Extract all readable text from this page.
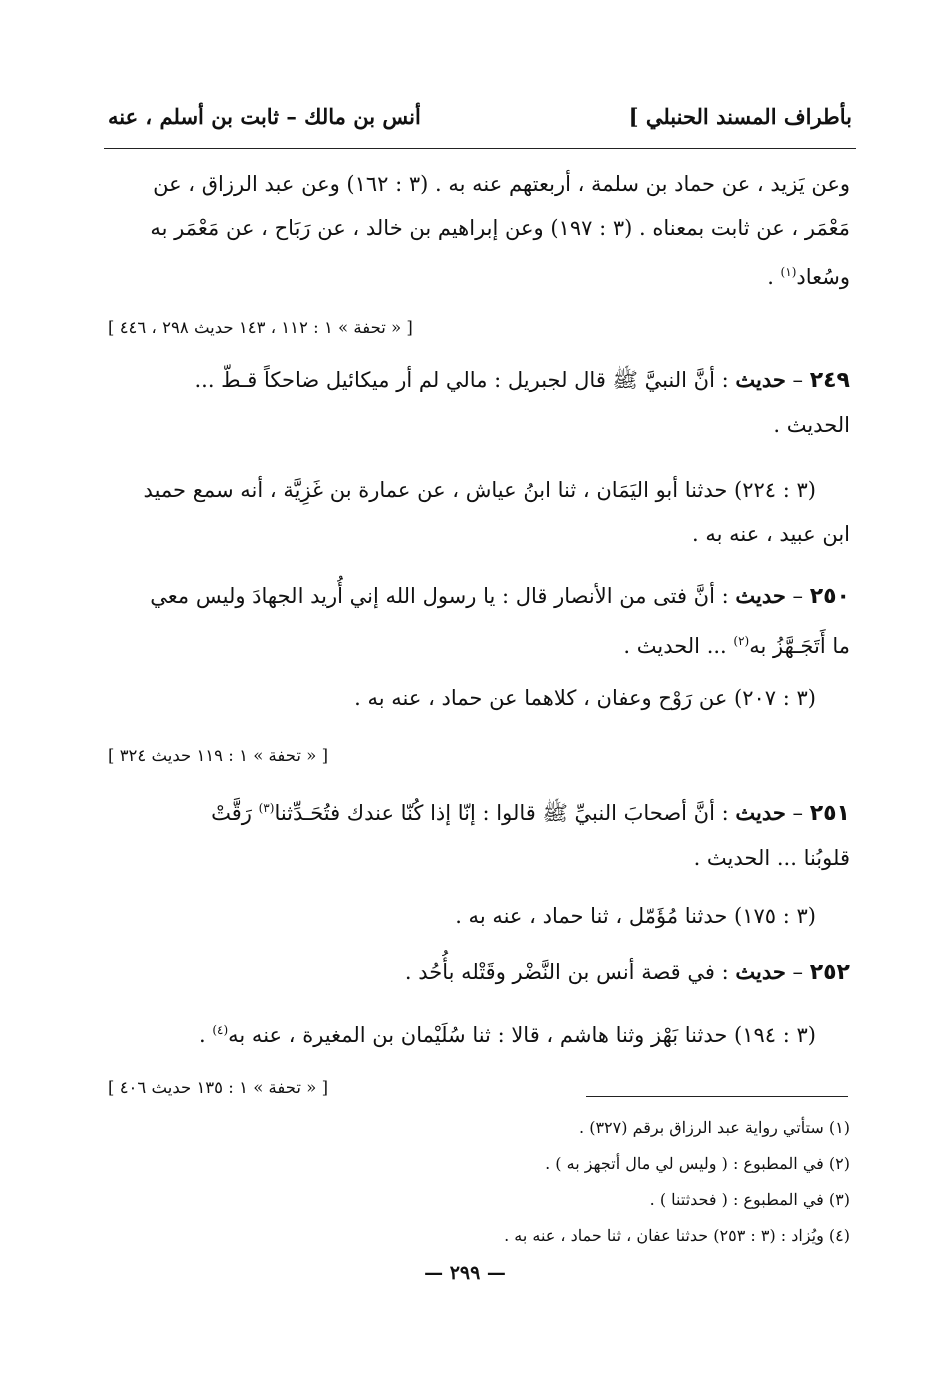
بأطراف المسند الحنبلي ]
أنس بن مالك – ثابت بن أسلم ، عنه
وعن يَزيد ، عن حماد بن سلمة ، أربعتهم عنه به . (٣ : ١٦٢) وعن عبد الرزاق ، عن
مَعْمَر ، عن ثابت بمعناه . (٣ : ١٩٧) وعن إبراهيم بن خالد ، عن رَبَاح ، عن مَعْمَر به
وسُعاد$^{(١)}$ .
[ « تحفة » ١ : ١١٢ ، ١٤٣ حديث ٢٩٨ ، ٤٤٦ ]
٢٤٩ – حديث : أنَّ النبيَّ ﷺ قال لجبريل : مالي لم أر ميكائيل ضاحكاً قـطّ ...
الحديث .
(٣ : ٢٢٤) حدثنا أبو اليَمَان ، ثنا ابنُ عياش ، عن عمارة بن غَزِيَّة ، أنه سمع حميد
ابن عبيد ، عنه به .
٢٥٠ – حديث : أنَّ فتى من الأنصار قال : يا رسول الله إني أُريد الجهادَ وليس معي
ما أَتَجَـهَّزُ به$^{(٢)}$ ... الحديث .
(٣ : ٢٠٧) عن رَوْح وعفان ، كلاهما عن حماد ، عنه به .
[ « تحفة » ١ : ١١٩ حديث ٣٢٤ ]
٢٥١ – حديث : أنَّ أصحابَ النبيِّ ﷺ قالوا : إنّا إذا كُنّا عندك فتُحَـدِّثنا$^{(٣)}$ رَقَّتْ
قلوبُنا ... الحديث .
(٣ : ١٧٥) حدثنا مُؤَمّل ، ثنا حماد ، عنه به .
٢٥٢ – حديث : في قصة أنس بن النَّضْر وقَتْله بأُحُد .
(٣ : ١٩٤) حدثنا بَهْز وثنا هاشم ، قالا : ثنا سُلَيْمان بن المغيرة ، عنه به$^{(٤)}$ .
[ « تحفة » ١ : ١٣٥ حديث ٤٠٦ ]
(١) ستأتي رواية عبد الرزاق برقم (٣٢٧) .
(٢) في المطبوع : ( وليس لي مال أتجهز به ) .
(٣) في المطبوع : ( فحدثتنا ) .
(٤) ويُزاد : (٣ : ٢٥٣) حدثنا عفان ، ثنا حماد ، عنه به .
— ٢٩٩ —
